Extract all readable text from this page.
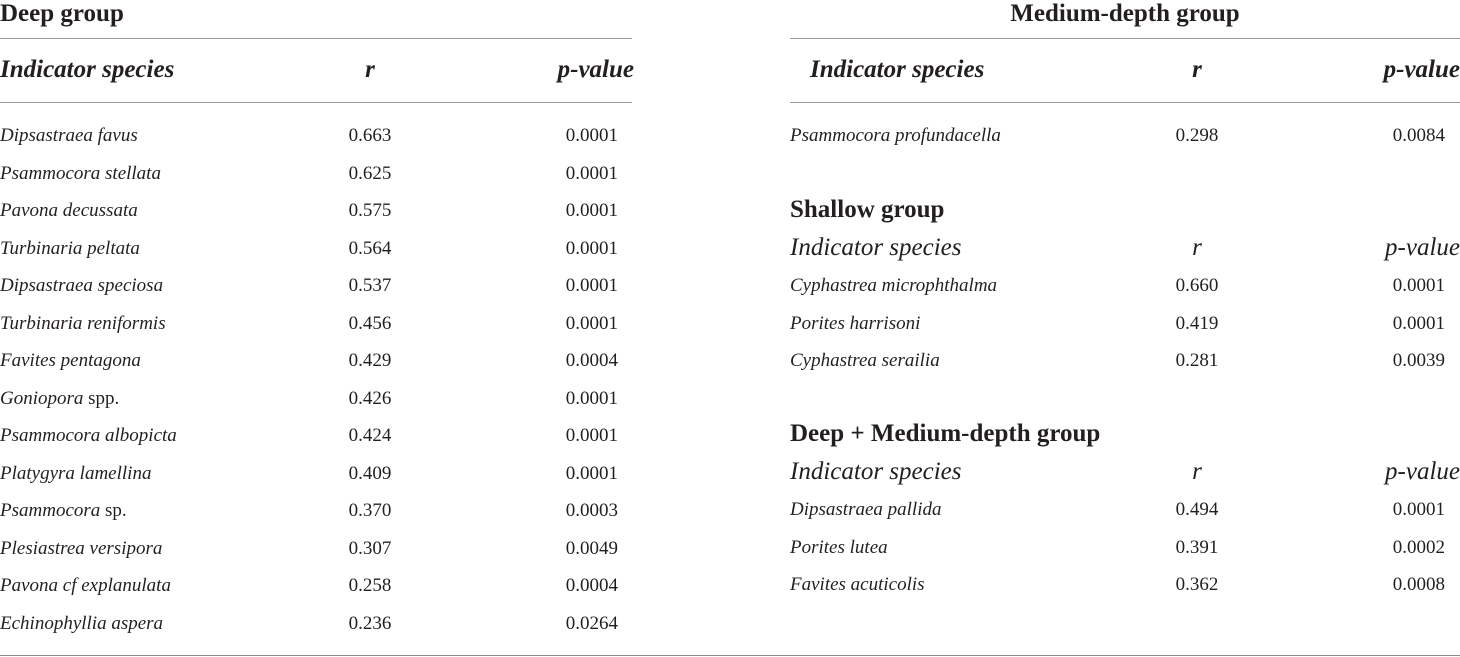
Deep group
Indicator species	r	p-value
Dipsastraea favus	0.663	0.0001
Psammocora stellata	0.625	0.0001
Pavona decussata	0.575	0.0001
Turbinaria peltata	0.564	0.0001
Dipsastraea speciosa	0.537	0.0001
Turbinaria reniformis	0.456	0.0001
Favites pentagona	0.429	0.0004
Goniopora spp.	0.426	0.0001
Psammocora albopicta	0.424	0.0001
Platygyra lamellina	0.409	0.0001
Psammocora sp.	0.370	0.0003
Plesiastrea versipora	0.307	0.0049
Pavona cf explanulata	0.258	0.0004
Echinophyllia aspera	0.236	0.0264
Medium-depth group
Indicator species	r	p-value
Psammocora profundacella	0.298	0.0084
Shallow group
Indicator species	r	p-value
Cyphastrea microphthalma	0.660	0.0001
Porites harrisoni	0.419	0.0001
Cyphastrea serailia	0.281	0.0039
Deep + Medium-depth group
Indicator species	r	p-value
Dipsastraea pallida	0.494	0.0001
Porites lutea	0.391	0.0002
Favites acuticolis	0.362	0.0008
